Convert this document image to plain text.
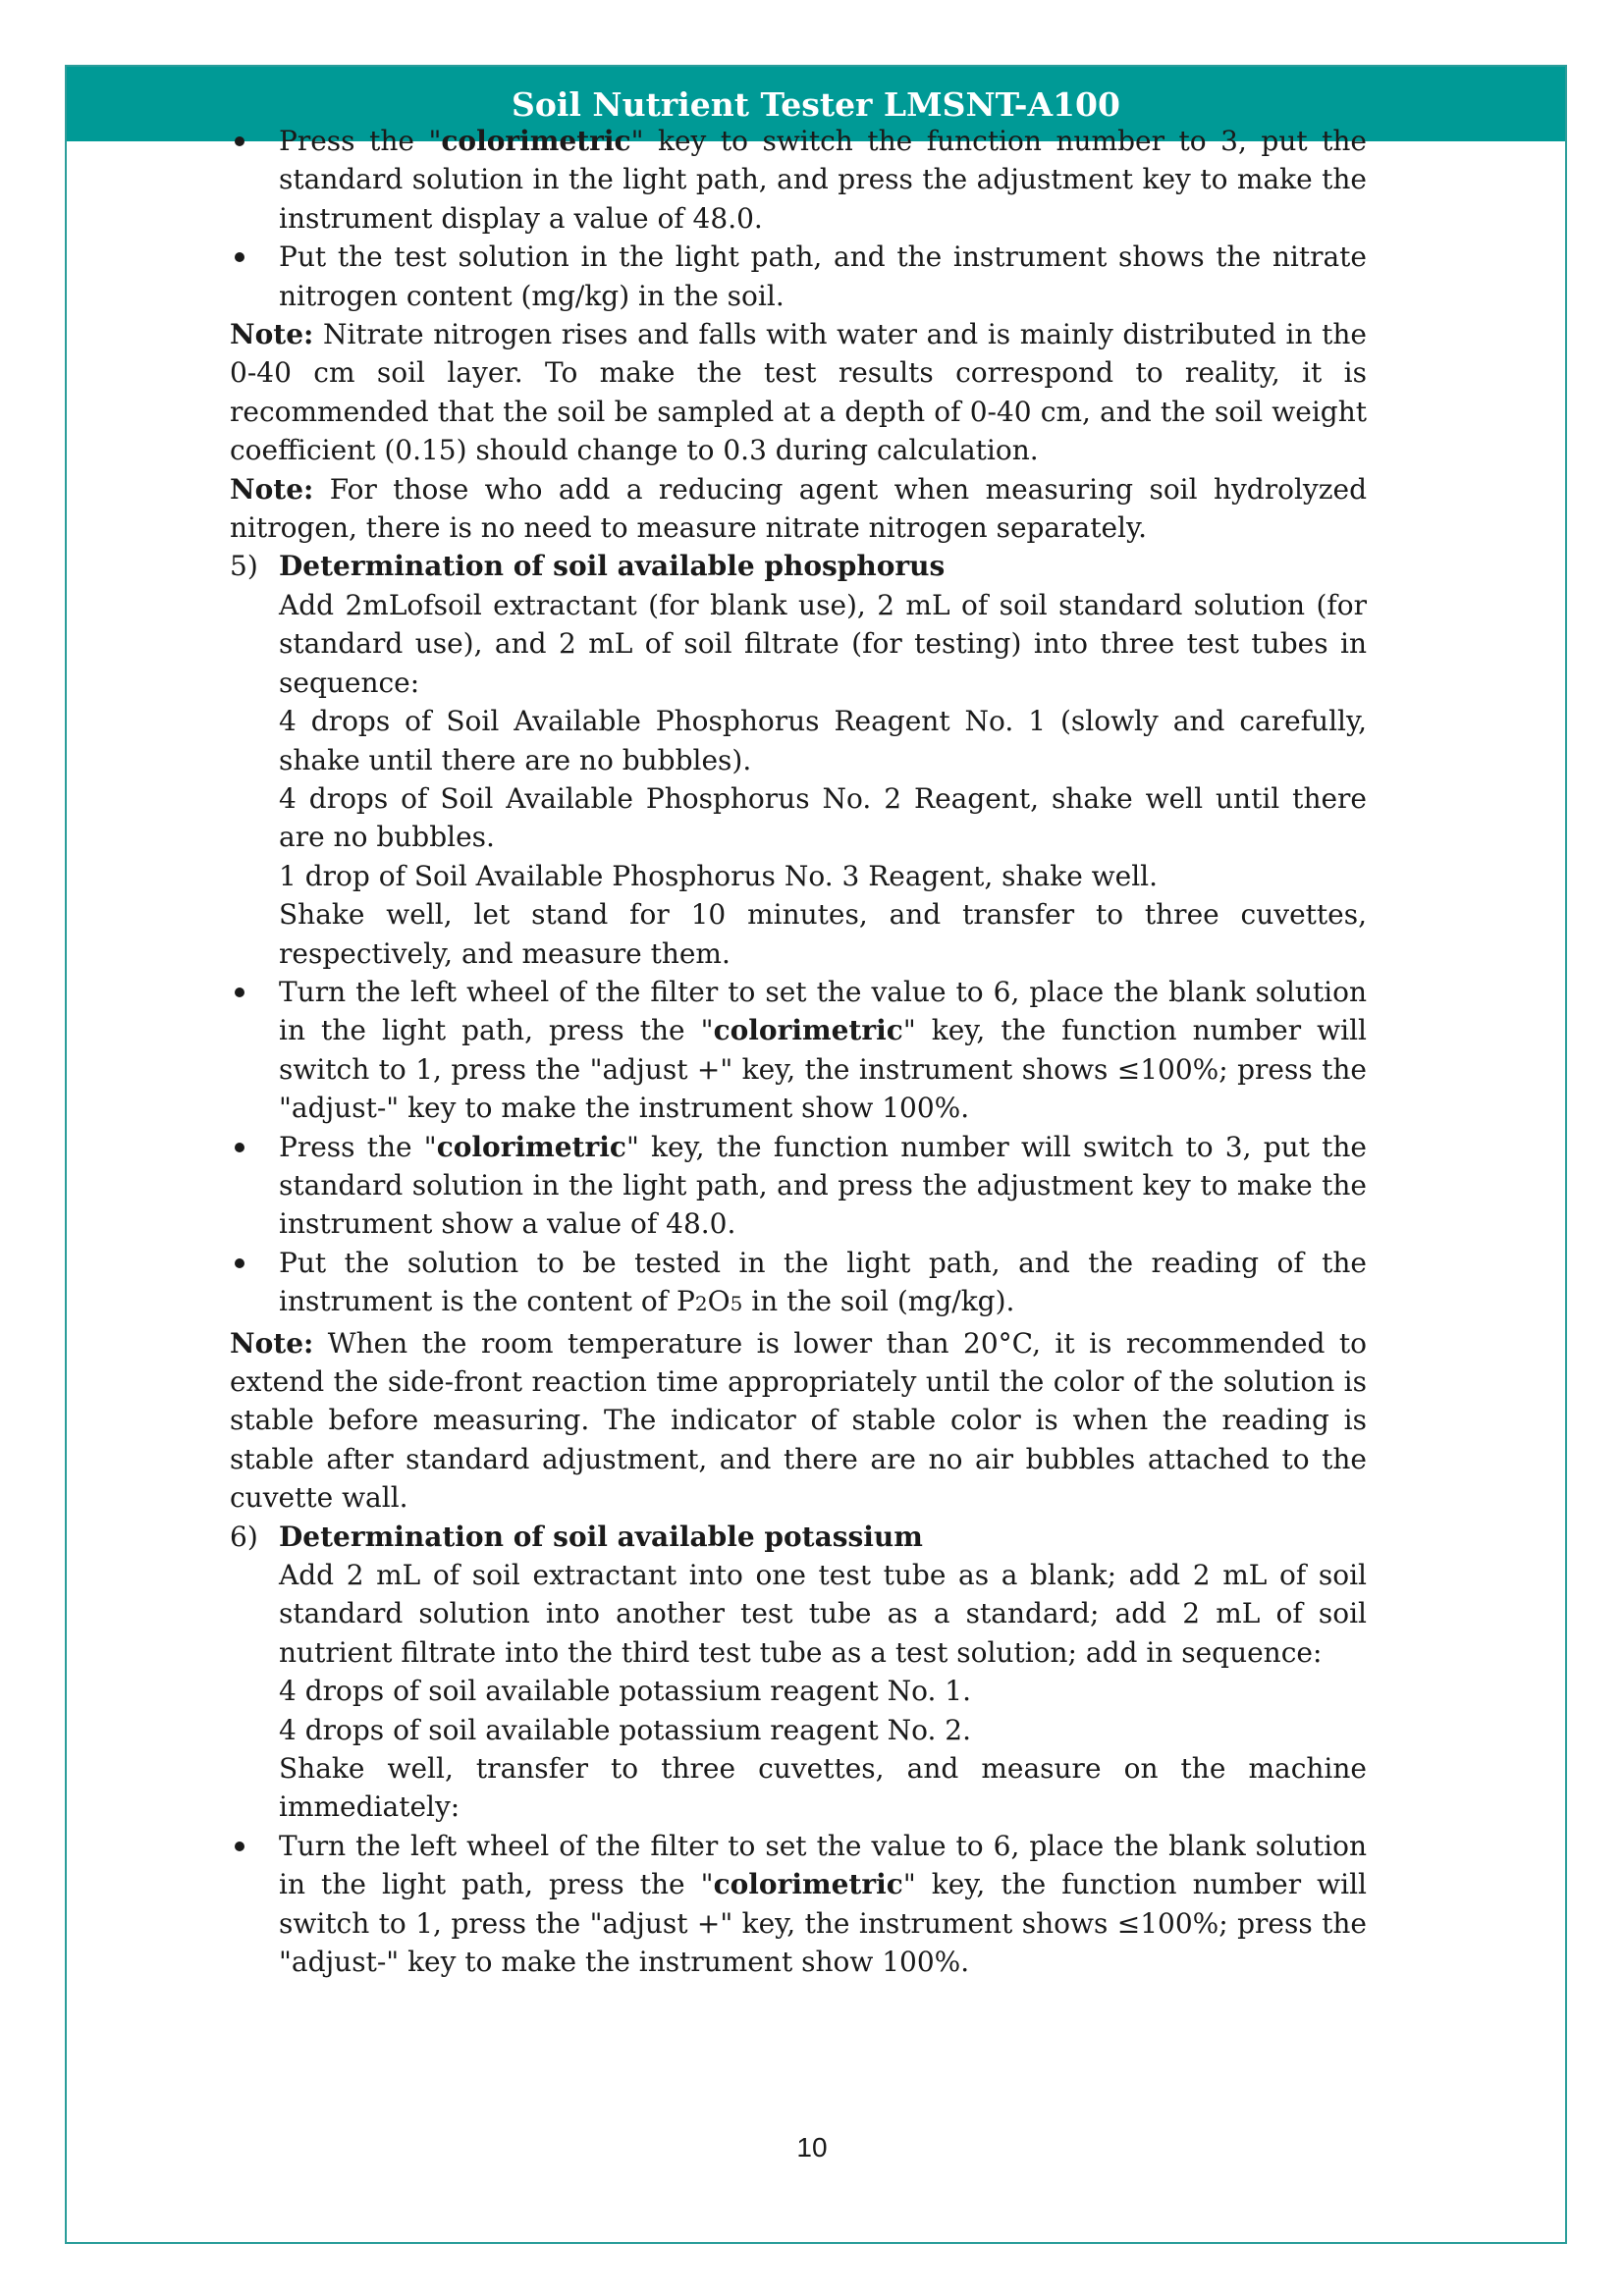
Soil Nutrient Tester LMSNT-A100
Press the "colorimetric" key to switch the function number to 3, put the standard solution in the light path, and press the adjustment key to make the instrument display a value of 48.0.
Put the test solution in the light path, and the instrument shows the nitrate nitrogen content (mg/kg) in the soil.

Note: Nitrate nitrogen rises and falls with water and is mainly distributed in the 0-40 cm soil layer. To make the test results correspond to reality, it is recommended that the soil be sampled at a depth of 0-40 cm, and the soil weight coefficient (0.15) should change to 0.3 during calculation.

Note: For those who add a reducing agent when measuring soil hydrolyzed nitrogen, there is no need to measure nitrate nitrogen separately.

5) Determination of soil available phosphorus

Add 2mLofsoil extractant (for blank use), 2 mL of soil standard solution (for standard use), and 2 mL of soil filtrate (for testing) into three test tubes in sequence:

4 drops of Soil Available Phosphorus Reagent No. 1 (slowly and carefully, shake until there are no bubbles).

4 drops of Soil Available Phosphorus No. 2 Reagent, shake well until there are no bubbles.

1 drop of Soil Available Phosphorus No. 3 Reagent, shake well.

Shake well, let stand for 10 minutes, and transfer to three cuvettes, respectively, and measure them.

Turn the left wheel of the filter to set the value to 6, place the blank solution in the light path, press the "colorimetric" key, the function number will switch to 1, press the "adjust +" key, the instrument shows ≤100%; press the "adjust-" key to make the instrument show 100%.
Press the "colorimetric" key, the function number will switch to 3, put the standard solution in the light path, and press the adjustment key to make the instrument show a value of 48.0.
Put the solution to be tested in the light path, and the reading of the instrument is the content of P2O5 in the soil (mg/kg).

Note: When the room temperature is lower than 20°C, it is recommended to extend the side-front reaction time appropriately until the color of the solution is stable before measuring. The indicator of stable color is when the reading is stable after standard adjustment, and there are no air bubbles attached to the cuvette wall.

6) Determination of soil available potassium

Add 2 mL of soil extractant into one test tube as a blank; add 2 mL of soil standard solution into another test tube as a standard; add 2 mL of soil nutrient filtrate into the third test tube as a test solution; add in sequence:

4 drops of soil available potassium reagent No. 1.

4 drops of soil available potassium reagent No. 2.

Shake well, transfer to three cuvettes, and measure on the machine immediately:

Turn the left wheel of the filter to set the value to 6, place the blank solution in the light path, press the "colorimetric" key, the function number will switch to 1, press the "adjust +" key, the instrument shows ≤100%; press the "adjust-" key to make the instrument show 100%.
10
